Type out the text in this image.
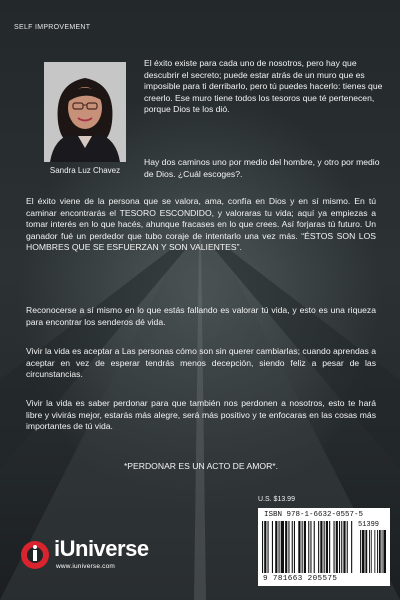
SELF IMPROVEMENT
Sandra Luz Chavez

El éxito existe para cada uno de nosotros, pero hay que descubrir el secreto; puede estar atrás de un muro que es imposible para ti derribarlo, pero tú puedes hacerlo: tienes que creerlo. Ese muro tiene todos los tesoros que té pertenecen, porque Dios te los dió.

Hay dos caminos uno por medio del hombre, y otro por medio de Dios. ¿Cuál escoges?.

El éxito viene de la persona que se valora, ama, confía en Dios y en sí mismo. En tú caminar encontrarás el TESORO ESCONDIDO, y valoraras tu vida; aquí ya empiezas a tomar interés en lo que hacés, ahunque fracases en lo que crees. Así forjaras tú futuro. Un ganador fué un perdedor que tubo coraje de intentarlo una vez más. “ÉSTOS SON LOS HOMBRES QUE SE ESFUERZAN Y SON VALIENTES”.

Reconocerse a sí mismo en lo que estás fallando es valorar tú vida, y esto es una riqueza para encontrar los senderos dé vida.

Vivir la vida es aceptar a Las personas cómo son sin querer cambiarlas; cuando aprendas a aceptar en vez de esperar tendrás menos decepción, siendo feliz a pesar de las circunstancias.

Vivir la vida es saber perdonar para que también nos perdonen a nosotros, esto te hará libre y vivirás mejor, estarás más alegre, será más positivo y te enfocaras en las cosas más importantes de tú vida.

*PERDONAR ES UN ACTO DE AMOR*.

U.S. $13.99
ISBN 978-1-6632-0557-5
51399
9 781663 205575
iUniverse
www.iuniverse.com
